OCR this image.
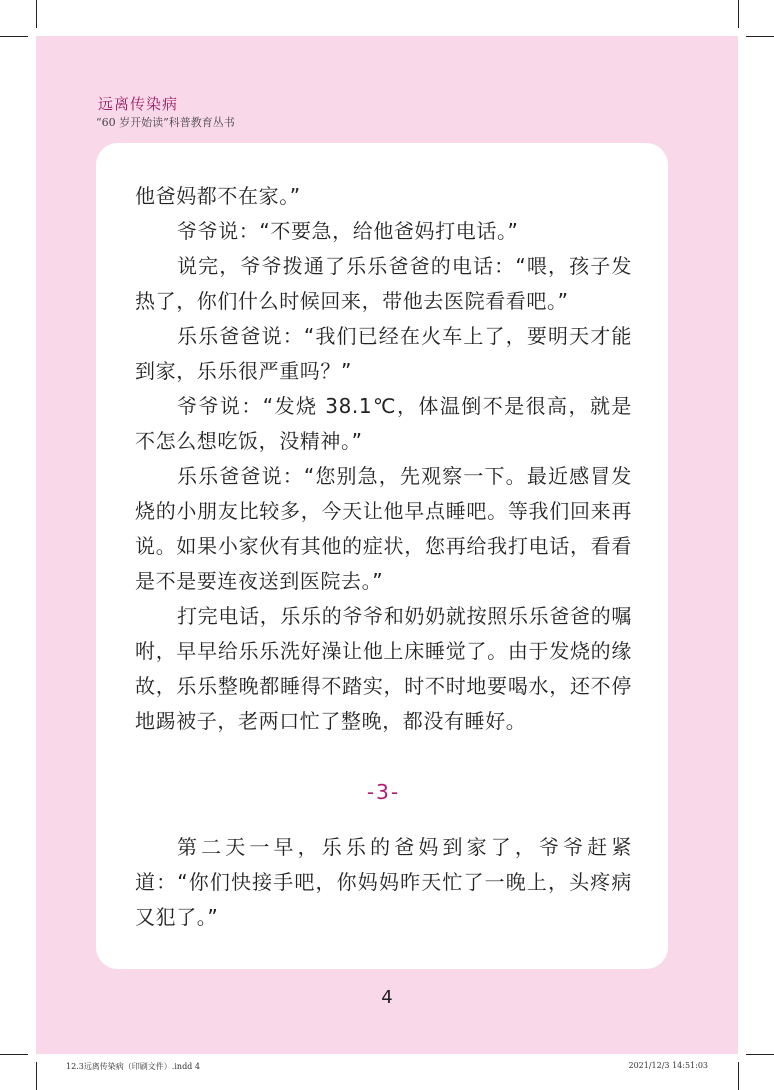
远离传染病
“60 岁开始读”科普教育丛书

他爸妈都不在家。”

爷爷说：“不要急，给他爸妈打电话。”

说完，爷爷拨通了乐乐爸爸的电话：“喂，孩子发热了，你们什么时候回来，带他去医院看看吧。”

乐乐爸爸说：“我们已经在火车上了，要明天才能到家，乐乐很严重吗？”

爷爷说：“发烧 38.1℃，体温倒不是很高，就是不怎么想吃饭，没精神。”

乐乐爸爸说：“您别急，先观察一下。最近感冒发烧的小朋友比较多，今天让他早点睡吧。等我们回来再说。如果小家伙有其他的症状，您再给我打电话，看看是不是要连夜送到医院去。”

打完电话，乐乐的爷爷和奶奶就按照乐乐爸爸的嘱咐，早早给乐乐洗好澡让他上床睡觉了。由于发烧的缘故，乐乐整晚都睡得不踏实，时不时地要喝水，还不停地踢被子，老两口忙了整晚，都没有睡好。

-3-

第二天一早，乐乐的爸妈到家了，爷爷赶紧道：“你们快接手吧，你妈妈昨天忙了一晚上，头疼病又犯了。”

4
12.3远离传染病（印刷文件）.indd 4	2021/12/3 14:51:03
